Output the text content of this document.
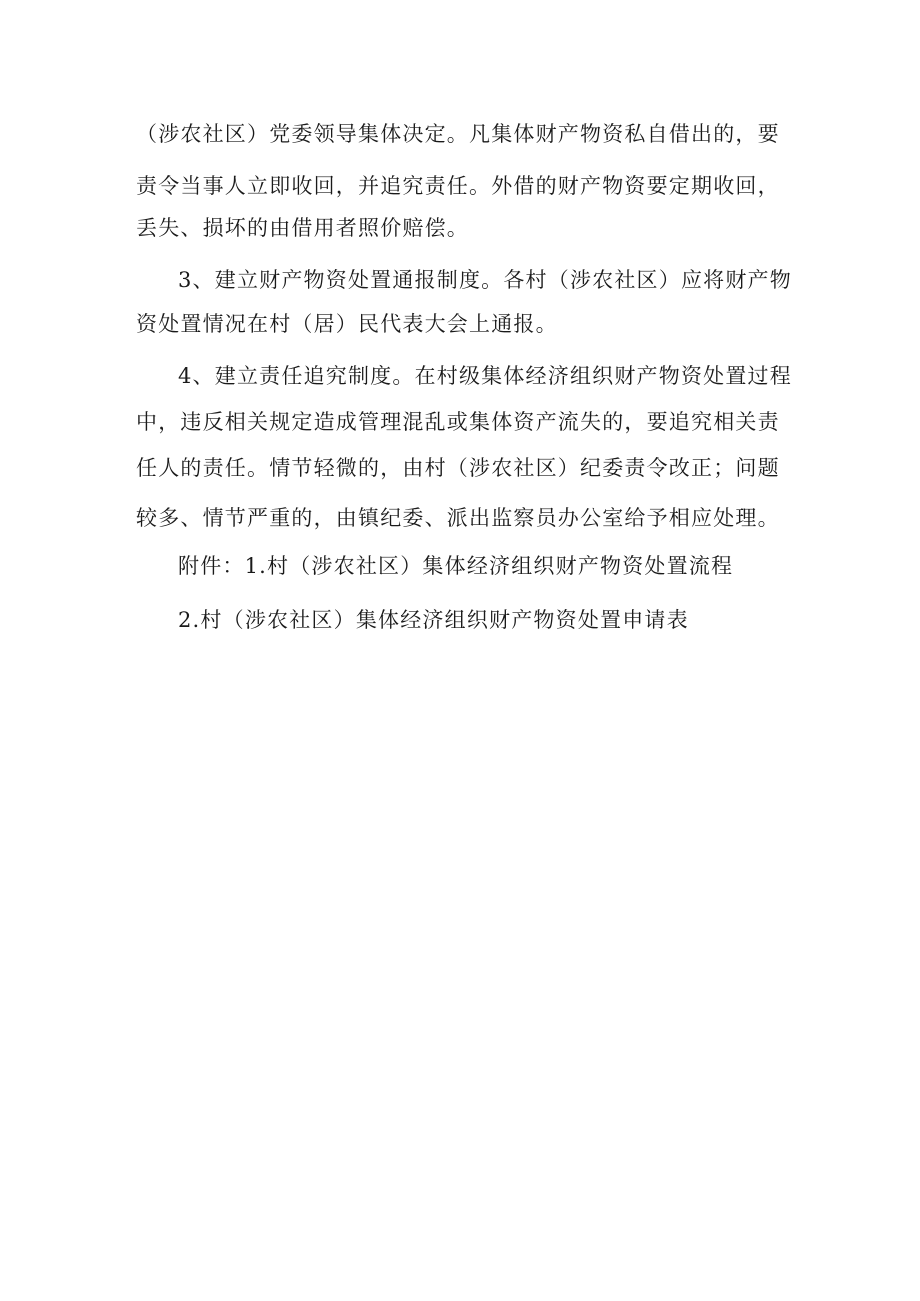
（涉农社区）党委领导集体决定。凡集体财产物资私自借出的，要
责令当事人立即收回，并追究责任。外借的财产物资要定期收回，
丢失、损坏的由借用者照价赔偿。
3、建立财产物资处置通报制度。各村（涉农社区）应将财产物
资处置情况在村（居）民代表大会上通报。
4、建立责任追究制度。在村级集体经济组织财产物资处置过程
中，违反相关规定造成管理混乱或集体资产流失的，要追究相关责
任人的责任。情节轻微的，由村（涉农社区）纪委责令改正；问题
较多、情节严重的，由镇纪委、派出监察员办公室给予相应处理。
附件：1.村（涉农社区）集体经济组织财产物资处置流程
2.村（涉农社区）集体经济组织财产物资处置申请表
